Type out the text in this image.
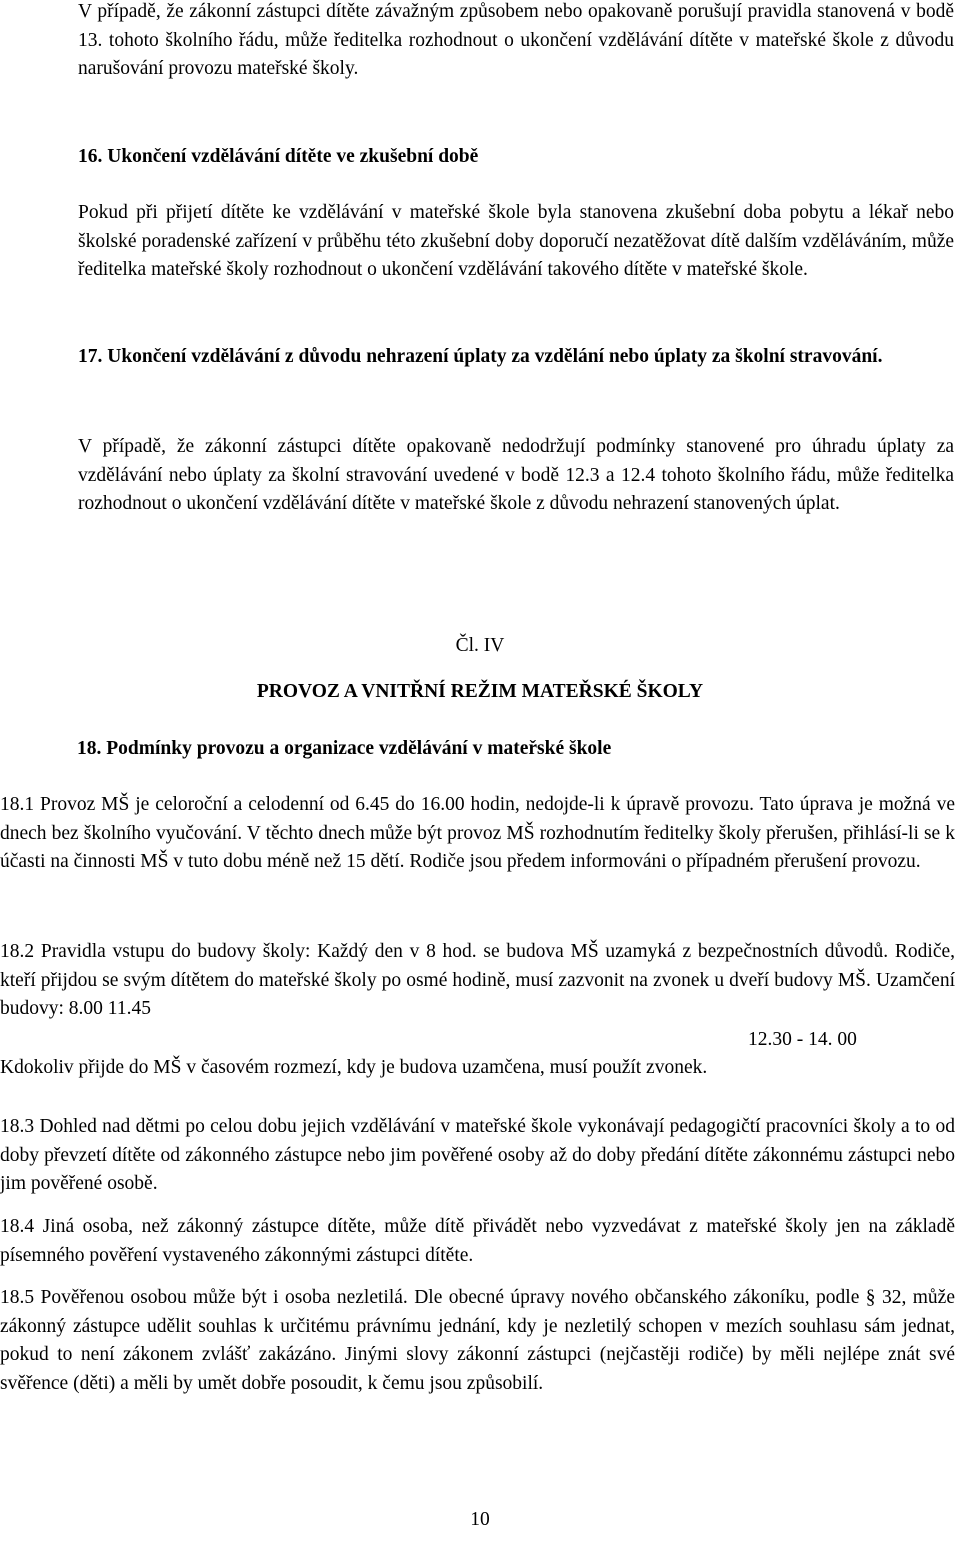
V případě, že zákonní zástupci dítěte závažným způsobem nebo opakovaně porušují pravidla stanovená v bodě 13. tohoto školního řádu, může ředitelka rozhodnout o ukončení vzdělávání dítěte v mateřské škole z důvodu narušování provozu mateřské školy.

16. Ukončení vzdělávání dítěte ve zkušební době

Pokud při přijetí dítěte ke vzdělávání v mateřské škole byla stanovena zkušební doba pobytu a lékař nebo školské poradenské zařízení v průběhu této zkušební doby doporučí nezatěžovat dítě dalším vzděláváním, může ředitelka mateřské školy rozhodnout o ukončení vzdělávání takového dítěte v mateřské škole.

17. Ukončení vzdělávání z důvodu nehrazení úplaty za vzdělání nebo úplaty za školní stravování.

V případě, že zákonní zástupci dítěte opakovaně nedodržují podmínky stanovené pro úhradu úplaty za vzdělávání nebo úplaty za školní stravování uvedené v bodě 12.3 a 12.4 tohoto školního řádu, může ředitelka rozhodnout o ukončení vzdělávání dítěte v mateřské škole z důvodu nehrazení stanovených úplat.

Čl. IV

PROVOZ A VNITŘNÍ REŽIM MATEŘSKÉ ŠKOLY

18. Podmínky provozu a organizace vzdělávání v mateřské škole

18.1 Provoz MŠ je celoroční a celodenní od 6.45 do 16.00 hodin, nedojde-li k úpravě provozu. Tato úprava je možná ve dnech bez školního vyučování. V těchto dnech může být provoz MŠ rozhodnutím ředitelky školy přerušen, přihlásí-li se k účasti na činnosti MŠ v tuto dobu méně než 15 dětí. Rodiče jsou předem informováni o případném přerušení provozu.

18.2 Pravidla vstupu do budovy školy: Každý den v 8 hod. se budova MŠ uzamyká z bezpečnostních důvodů. Rodiče, kteří přijdou se svým dítětem do mateřské školy po osmé hodině, musí zazvonit na zvonek u dveří budovy MŠ. Uzamčení budovy: 8.00 11.45

12.30 - 14. 00

Kdokoliv přijde do MŠ v časovém rozmezí, kdy je budova uzamčena, musí použít zvonek.

18.3 Dohled nad dětmi po celou dobu jejich vzdělávání v mateřské škole vykonávají pedagogičtí pracovníci školy a to od doby převzetí dítěte od zákonného zástupce nebo jim pověřené osoby až do doby předání dítěte zákonnému zástupci nebo jim pověřené osobě.

18.4 Jiná osoba, než zákonný zástupce dítěte, může dítě přivádět nebo vyzvedávat z mateřské školy jen na základě písemného pověření vystaveného zákonnými zástupci dítěte.

18.5 Pověřenou osobou může být i osoba nezletilá. Dle obecné úpravy nového občanského zákoníku, podle § 32, může zákonný zástupce udělit souhlas k určitému právnímu jednání, kdy je nezletilý schopen v mezích souhlasu sám jednat, pokud to není zákonem zvlášť zakázáno. Jinými slovy zákonní zástupci (nejčastěji rodiče) by měli nejlépe znát své svěřence (děti) a měli by umět dobře posoudit, k čemu jsou způsobilí.

10
